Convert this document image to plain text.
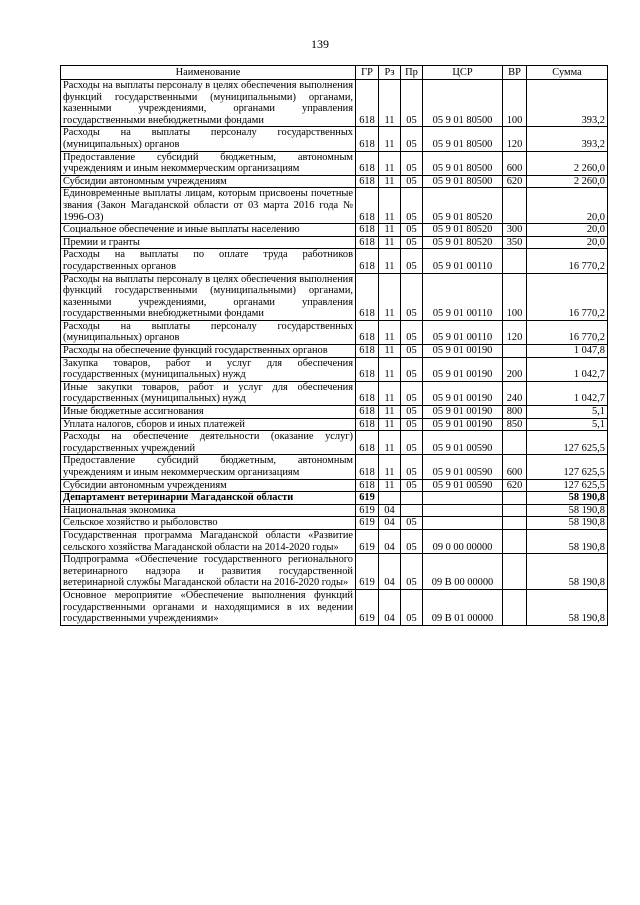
139
Наименование	ГР	Рз	Пр	ЦСР	ВР	Сумма
Расходы на выплаты персоналу в целях обеспечения выполнения функций государственными (муниципальными) органами, казенными учреждениями, органами управления государственными внебюджетными фондами	618	11	05	05 9 01 80500	100	393,2
Расходы на выплаты персоналу государственных (муниципальных) органов	618	11	05	05 9 01 80500	120	393,2
Предоставление субсидий бюджетным, автономным учреждениям и иным некоммерческим организациям	618	11	05	05 9 01 80500	600	2 260,0
Субсидии автономным учреждениям	618	11	05	05 9 01 80500	620	2 260,0
Единовременные выплаты лицам, которым присвоены почетные звания (Закон Магаданской области от 03 марта 2016 года № 1996-ОЗ)	618	11	05	05 9 01 80520		20,0
Социальное обеспечение и иные выплаты населению	618	11	05	05 9 01 80520	300	20,0
Премии и гранты	618	11	05	05 9 01 80520	350	20,0
Расходы на выплаты по оплате труда работников государственных органов	618	11	05	05 9 01 00110		16 770,2
Расходы на выплаты персоналу в целях обеспечения выполнения функций государственными (муниципальными) органами, казенными учреждениями, органами управления государственными внебюджетными фондами	618	11	05	05 9 01 00110	100	16 770,2
Расходы на выплаты персоналу государственных (муниципальных) органов	618	11	05	05 9 01 00110	120	16 770,2
Расходы на обеспечение функций государственных органов	618	11	05	05 9 01 00190		1 047,8
Закупка товаров, работ и услуг для обеспечения государственных (муниципальных) нужд	618	11	05	05 9 01 00190	200	1 042,7
Иные закупки товаров, работ и услуг для обеспечения государственных (муниципальных) нужд	618	11	05	05 9 01 00190	240	1 042,7
Иные бюджетные ассигнования	618	11	05	05 9 01 00190	800	5,1
Уплата налогов, сборов и иных платежей	618	11	05	05 9 01 00190	850	5,1
Расходы на обеспечение деятельности (оказание услуг) государственных учреждений	618	11	05	05 9 01 00590		127 625,5
Предоставление субсидий бюджетным, автономным учреждениям и иным некоммерческим организациям	618	11	05	05 9 01 00590	600	127 625,5
Субсидии автономным учреждениям	618	11	05	05 9 01 00590	620	127 625,5
Департамент ветеринарии Магаданской области	619					58 190,8
Национальная экономика	619	04				58 190,8
Сельское хозяйство и рыболовство	619	04	05			58 190,8
Государственная программа Магаданской области «Развитие сельского хозяйства Магаданской области на 2014-2020 годы»	619	04	05	09 0 00 00000		58 190,8
Подпрограмма «Обеспечение государственного регионального ветеринарного надзора и развития государственной ветеринарной службы Магаданской области на 2016-2020 годы»	619	04	05	09 В 00 00000		58 190,8
Основное мероприятие «Обеспечение выполнения функций государственными органами и находящимися в их ведении государственными учреждениями»	619	04	05	09 В 01 00000		58 190,8
